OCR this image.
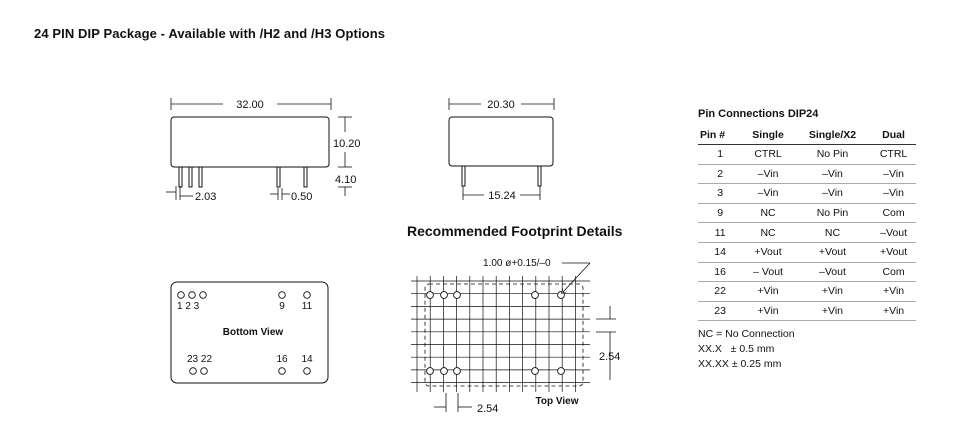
24 PIN DIP Package - Available with /H2 and /H3 Options
32.00
10.20
4.10
2.03	0.50
20.30
15.24
1 2 3	9 11
23 22	16 14
Bottom View
1.00 ø+0.15/–0
2.54
2.54
Top View
Recommended Footprint Details
Pin Connections DIP24
Pin #	Single	Single/X2	Dual
1	CTRL	No Pin	CTRL
2	–Vin	–Vin	–Vin
3	–Vin	–Vin	–Vin
9	NC	No Pin	Com
11	NC	NC	–Vout
14	+Vout	+Vout	+Vout
16	– Vout	–Vout	Com
22	+Vin	+Vin	+Vin
23	+Vin	+Vin	+Vin
NC = No Connection
XX.X   ± 0.5 mm
XX.XX ± 0.25 mm
